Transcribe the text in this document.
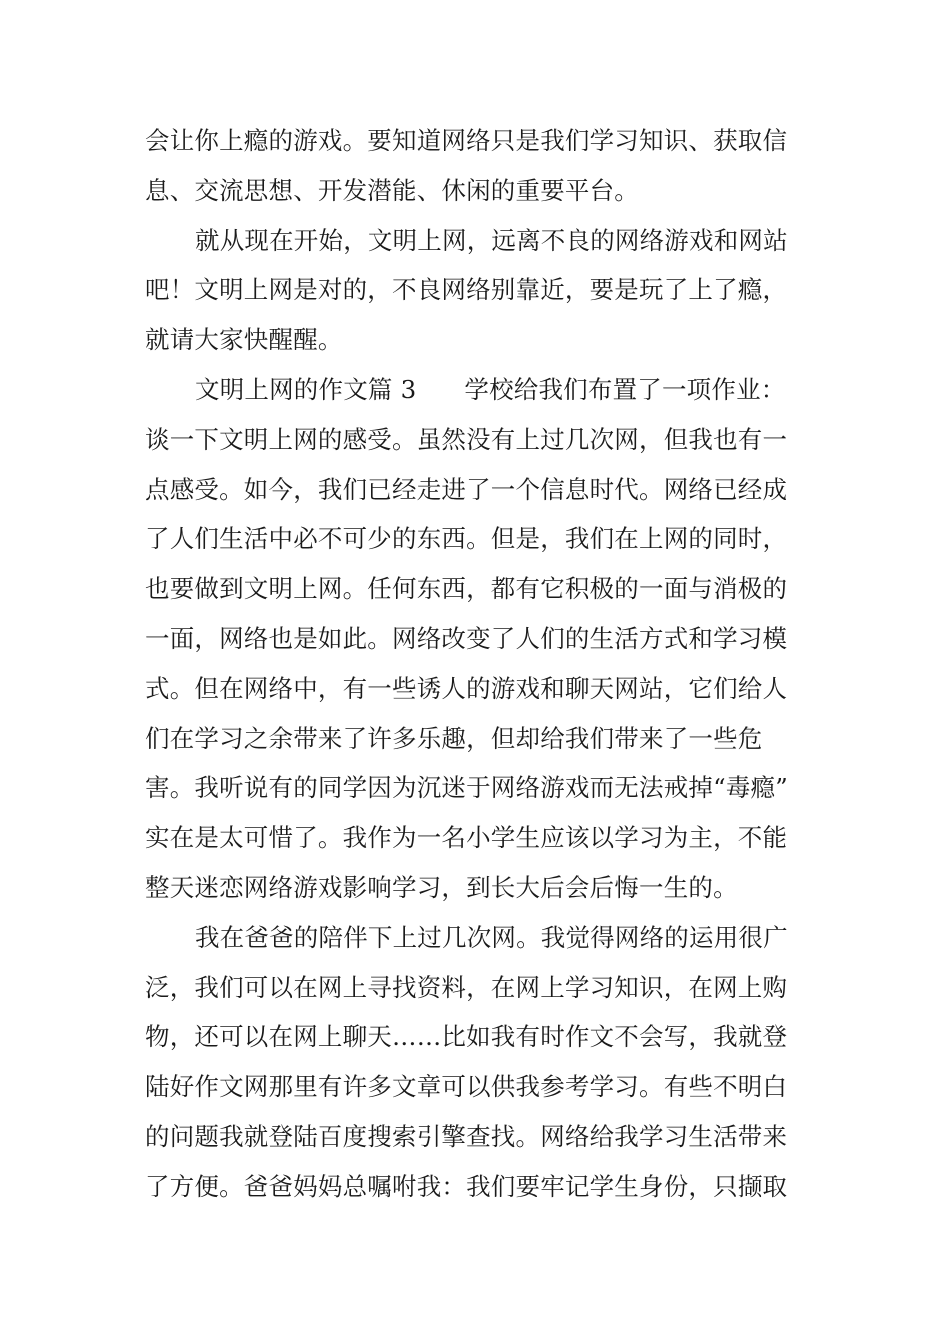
会让你上瘾的游戏。要知道网络只是我们学习知识、获取信
息、交流思想、开发潜能、休闲的重要平台。
就从现在开始，文明上网，远离不良的网络游戏和网站
吧！文明上网是对的，不良网络别靠近，要是玩了上了瘾，
就请大家快醒醒。
文明上网的作文篇 3 学校给我们布置了一项作业：
谈一下文明上网的感受。虽然没有上过几次网，但我也有一
点感受。如今，我们已经走进了一个信息时代。网络已经成
了人们生活中必不可少的东西。但是，我们在上网的同时，
也要做到文明上网。任何东西，都有它积极的一面与消极的
一面，网络也是如此。网络改变了人们的生活方式和学习模
式。但在网络中，有一些诱人的游戏和聊天网站，它们给人
们在学习之余带来了许多乐趣，但却给我们带来了一些危
害。我听说有的同学因为沉迷于网络游戏而无法戒掉“毒瘾”
实在是太可惜了。我作为一名小学生应该以学习为主，不能
整天迷恋网络游戏影响学习，到长大后会后悔一生的。
我在爸爸的陪伴下上过几次网。我觉得网络的运用很广
泛，我们可以在网上寻找资料，在网上学习知识，在网上购
物，还可以在网上聊天……比如我有时作文不会写，我就登
陆好作文网那里有许多文章可以供我参考学习。有些不明白
的问题我就登陆百度搜索引擎查找。网络给我学习生活带来
了方便。爸爸妈妈总嘱咐我：我们要牢记学生身份，只撷取
